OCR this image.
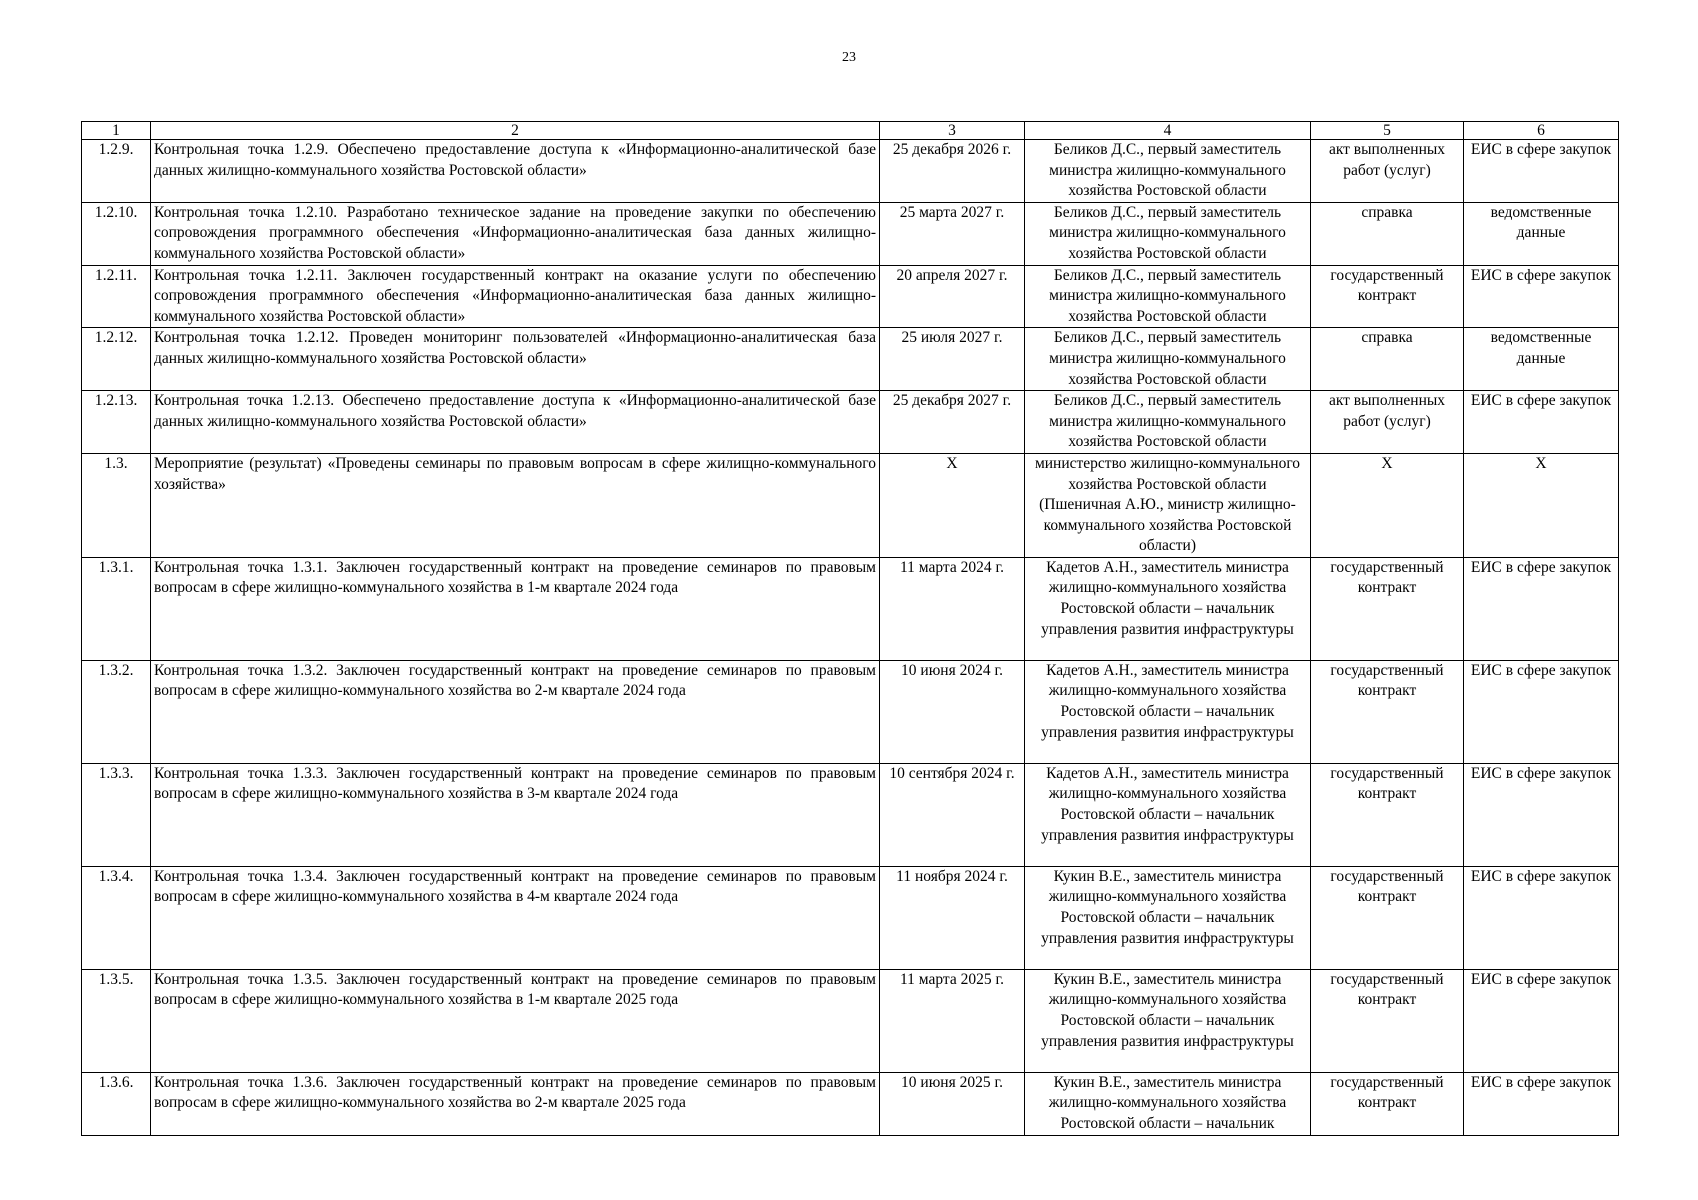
23
1	2	3	4	5	6
1.2.9.	Контрольная точка 1.2.9. Обеспечено предоставление доступа к «Информационно-аналитической базе данных жилищно-коммунального хозяйства Ростовской области»	25 декабря 2026 г.	Беликов Д.С., первый заместитель министра жилищно-коммунального хозяйства Ростовской области	акт выполненных работ (услуг)	ЕИС в сфере закупок
1.2.10.	Контрольная точка 1.2.10. Разработано техническое задание на проведение закупки по обеспечению сопровождения программного обеспечения «Информационно-аналитическая база данных жилищно-коммунального хозяйства Ростовской области»	25 марта 2027 г.	Беликов Д.С., первый заместитель министра жилищно-коммунального хозяйства Ростовской области	справка	ведомственные данные
1.2.11.	Контрольная точка 1.2.11. Заключен государственный контракт на оказание услуги по обеспечению сопровождения программного обеспечения «Информационно-аналитическая база данных жилищно-коммунального хозяйства Ростовской области»	20 апреля 2027 г.	Беликов Д.С., первый заместитель министра жилищно-коммунального хозяйства Ростовской области	государственный контракт	ЕИС в сфере закупок
1.2.12.	Контрольная точка 1.2.12. Проведен мониторинг пользователей «Информационно-аналитическая база данных жилищно-коммунального хозяйства Ростовской области»	25 июля 2027 г.	Беликов Д.С., первый заместитель министра жилищно-коммунального хозяйства Ростовской области	справка	ведомственные данные
1.2.13.	Контрольная точка 1.2.13. Обеспечено предоставление доступа к «Информационно-аналитической базе данных жилищно-коммунального хозяйства Ростовской области»	25 декабря 2027 г.	Беликов Д.С., первый заместитель министра жилищно-коммунального хозяйства Ростовской области	акт выполненных работ (услуг)	ЕИС в сфере закупок
1.3.	Мероприятие (результат) «Проведены семинары по правовым вопросам в сфере жилищно-коммунального хозяйства»	Х	министерство жилищно-коммунального хозяйства Ростовской области (Пшеничная А.Ю., министр жилищно-коммунального хозяйства Ростовской области)	Х	Х
1.3.1.	Контрольная точка 1.3.1. Заключен государственный контракт на проведение семинаров по правовым вопросам в сфере жилищно-коммунального хозяйства в 1-м квартале 2024 года	11 марта 2024 г.	Кадетов А.Н., заместитель министра жилищно-коммунального хозяйства Ростовской области – начальник управления развития инфраструктуры	государственный контракт	ЕИС в сфере закупок
1.3.2.	Контрольная точка 1.3.2. Заключен государственный контракт на проведение семинаров по правовым вопросам в сфере жилищно-коммунального хозяйства во 2-м квартале 2024 года	10 июня 2024 г.	Кадетов А.Н., заместитель министра жилищно-коммунального хозяйства Ростовской области – начальник управления развития инфраструктуры	государственный контракт	ЕИС в сфере закупок
1.3.3.	Контрольная точка 1.3.3. Заключен государственный контракт на проведение семинаров по правовым вопросам в сфере жилищно-коммунального хозяйства в 3-м квартале 2024 года	10 сентября 2024 г.	Кадетов А.Н., заместитель министра жилищно-коммунального хозяйства Ростовской области – начальник управления развития инфраструктуры	государственный контракт	ЕИС в сфере закупок
1.3.4.	Контрольная точка 1.3.4. Заключен государственный контракт на проведение семинаров по правовым вопросам в сфере жилищно-коммунального хозяйства в 4-м квартале 2024 года	11 ноября 2024 г.	Кукин В.Е., заместитель министра жилищно-коммунального хозяйства Ростовской области – начальник управления развития инфраструктуры	государственный контракт	ЕИС в сфере закупок
1.3.5.	Контрольная точка 1.3.5. Заключен государственный контракт на проведение семинаров по правовым вопросам в сфере жилищно-коммунального хозяйства в 1-м квартале 2025 года	11 марта 2025 г.	Кукин В.Е., заместитель министра жилищно-коммунального хозяйства Ростовской области – начальник управления развития инфраструктуры	государственный контракт	ЕИС в сфере закупок
1.3.6.	Контрольная точка 1.3.6. Заключен государственный контракт на проведение семинаров по правовым вопросам в сфере жилищно-коммунального хозяйства во 2-м квартале 2025 года	10 июня 2025 г.	Кукин В.Е., заместитель министра жилищно-коммунального хозяйства Ростовской области – начальник	государственный контракт	ЕИС в сфере закупок
